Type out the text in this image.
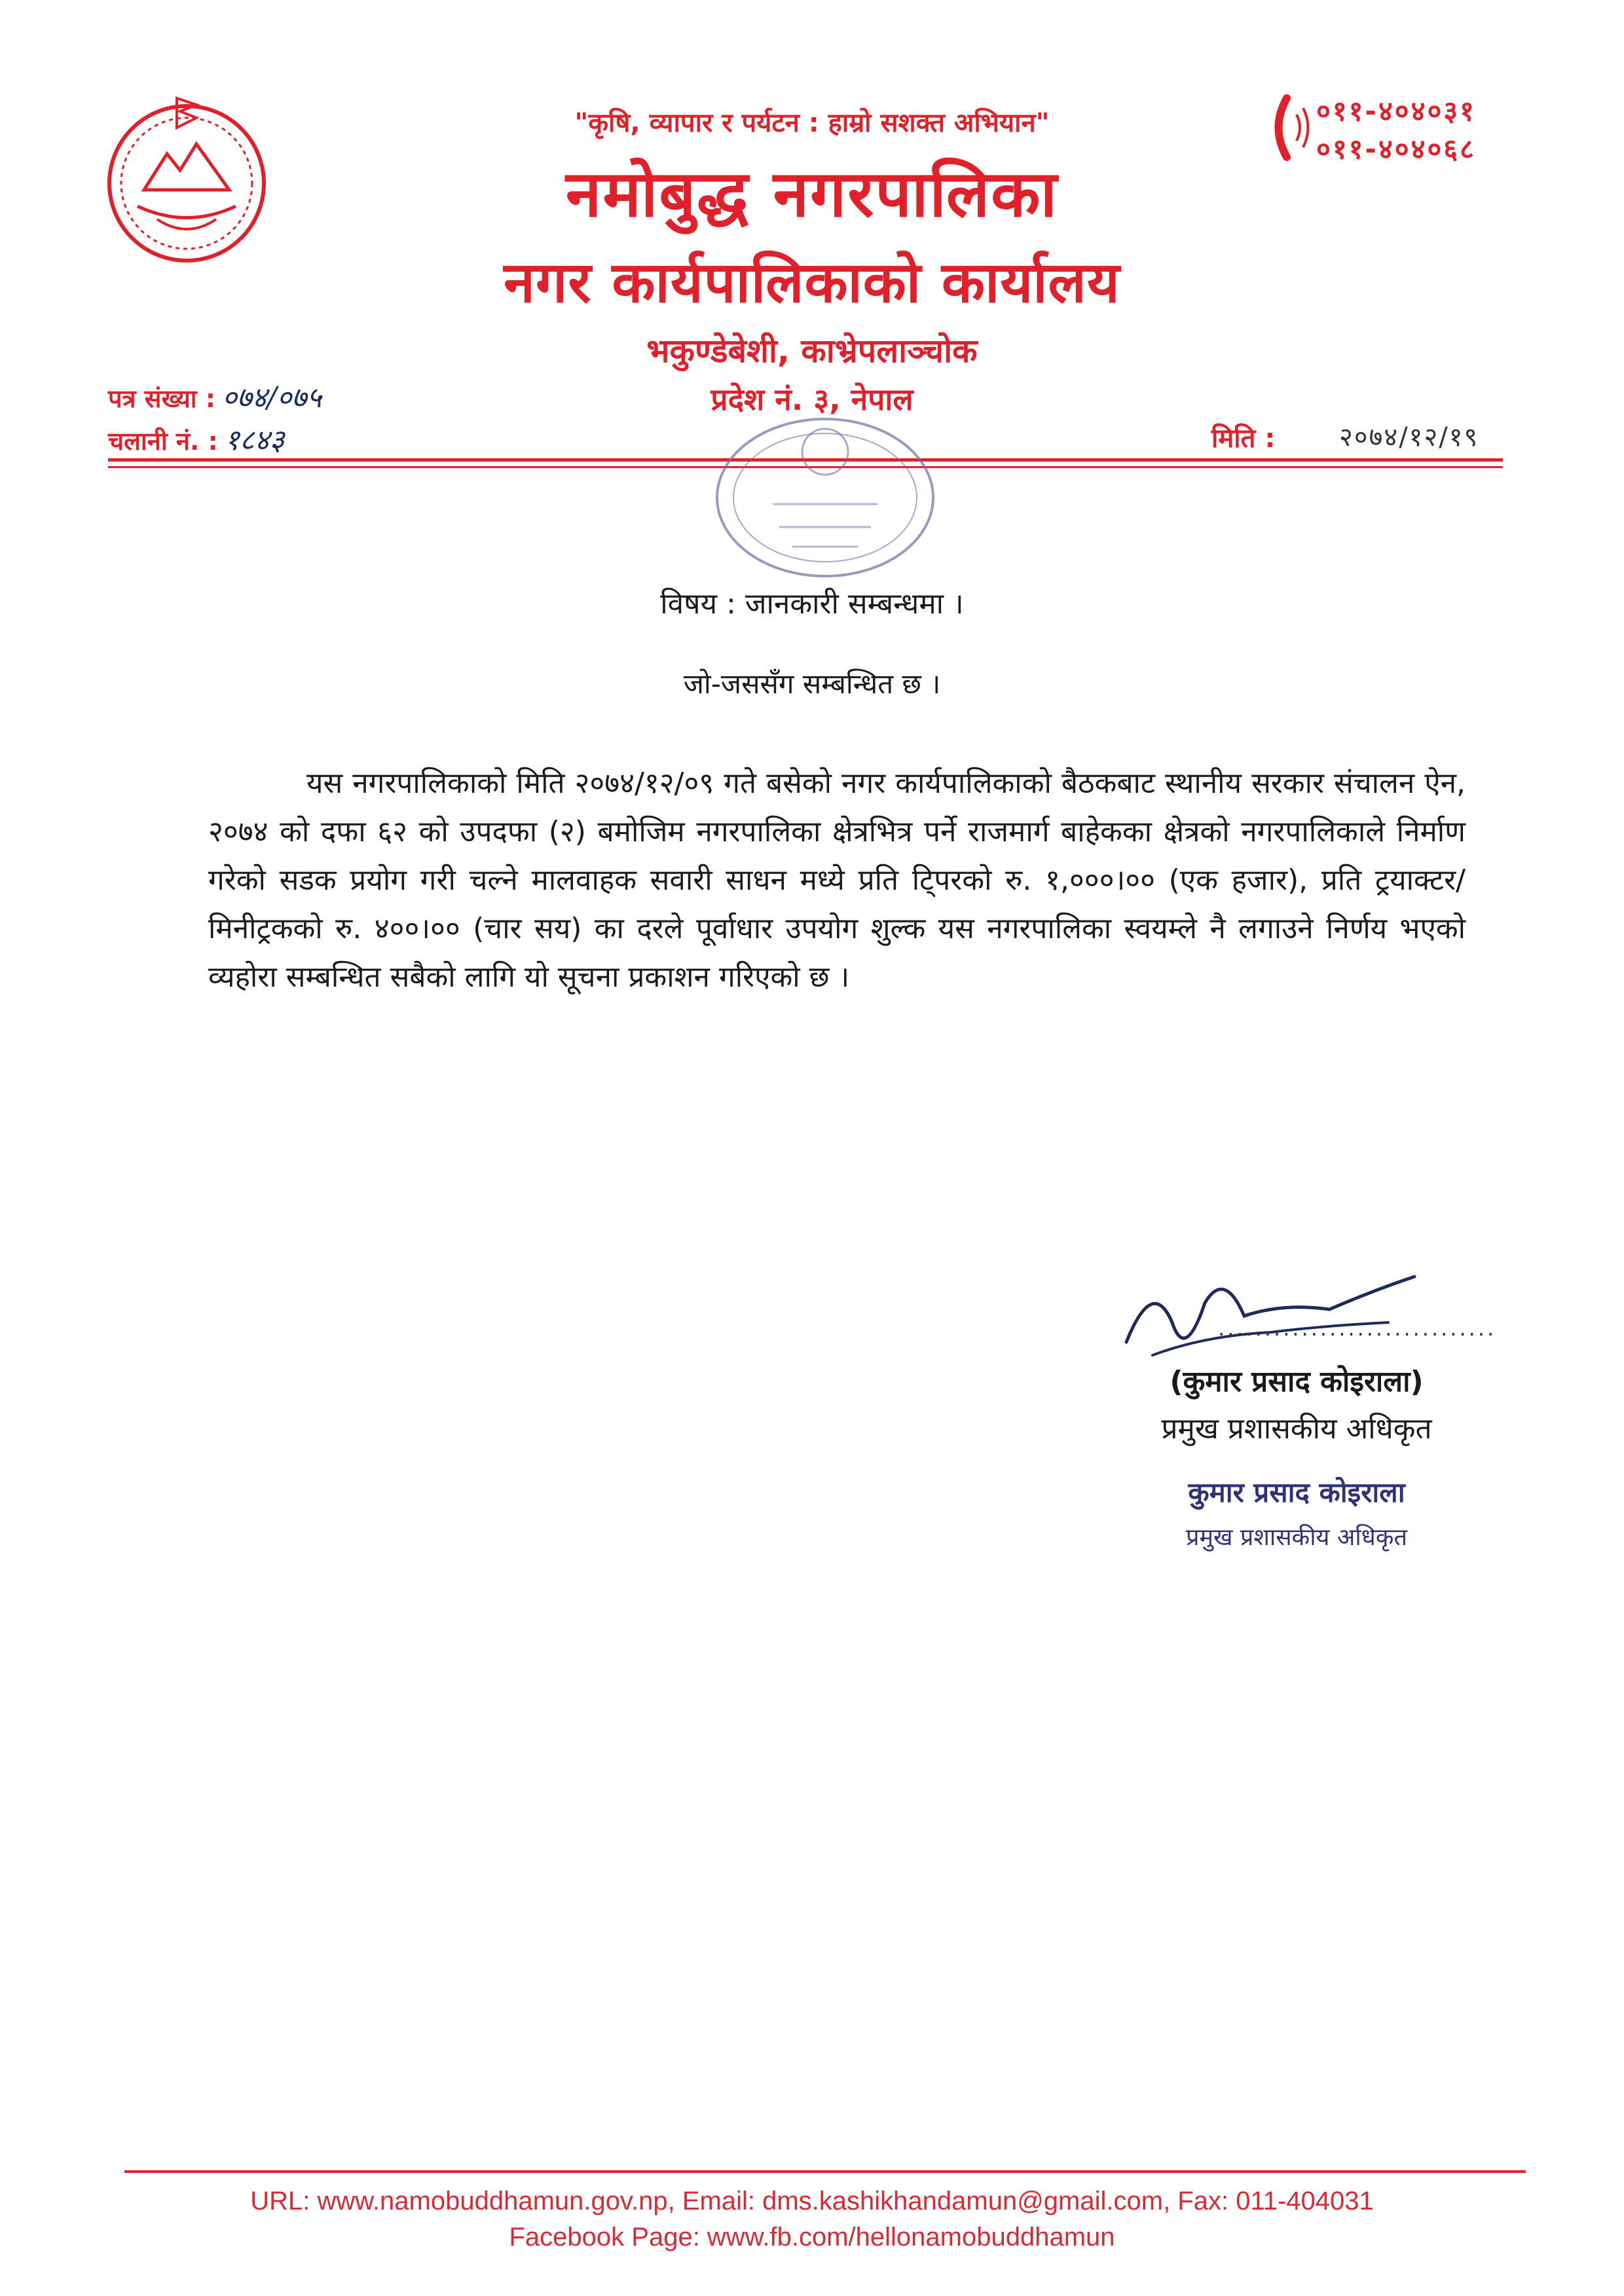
"कृषि, व्यापार र पर्यटन : हाम्रो सशक्त अभियान"
नमोबुद्ध नगरपालिका
नगर कार्यपालिकाको कार्यालय
भकुण्डेबेशी, काभ्रेपलाञ्चोक
प्रदेश नं. ३, नेपाल
०११-४०४०३१
०११-४०४०६८
पत्र संख्या : ०७४/०७५
चलानी नं. : १८४३	मिति : २०७४/१२/१९
विषय : जानकारी सम्बन्धमा ।
जो-जससँग सम्बन्धित छ ।
यस नगरपालिकाको मिति २०७४/१२/०९ गते बसेको नगर कार्यपालिकाको बैठकबाट स्थानीय सरकार संचालन ऐन, २०७४ को दफा ६२ को उपदफा (२) बमोजिम नगरपालिका क्षेत्रभित्र पर्ने राजमार्ग बाहेकका क्षेत्रको नगरपालिकाले निर्माण गरेको सडक प्रयोग गरी चल्ने मालवाहक सवारी साधन मध्ये प्रति टि्परको रु. १,०००।०० (एक हजार), प्रति ट्रयाक्टर/मिनीट्रकको रु. ४००।०० (चार सय) का दरले पूर्वाधार उपयोग शुल्क यस नगरपालिका स्वयम्ले नै लगाउने निर्णय भएको व्यहोरा सम्बन्धित सबैको लागि यो सूचना प्रकाशन गरिएको छ ।
..............................
(कुमार प्रसाद कोइराला)
प्रमुख प्रशासकीय अधिकृत
कुमार प्रसाद कोइराला
प्रमुख प्रशासकीय अधिकृत
URL: www.namobuddhamun.gov.np, Email: dms.kashikhandamun@gmail.com, Fax: 011-404031
Facebook Page: www.fb.com/hellonamobuddhamun
